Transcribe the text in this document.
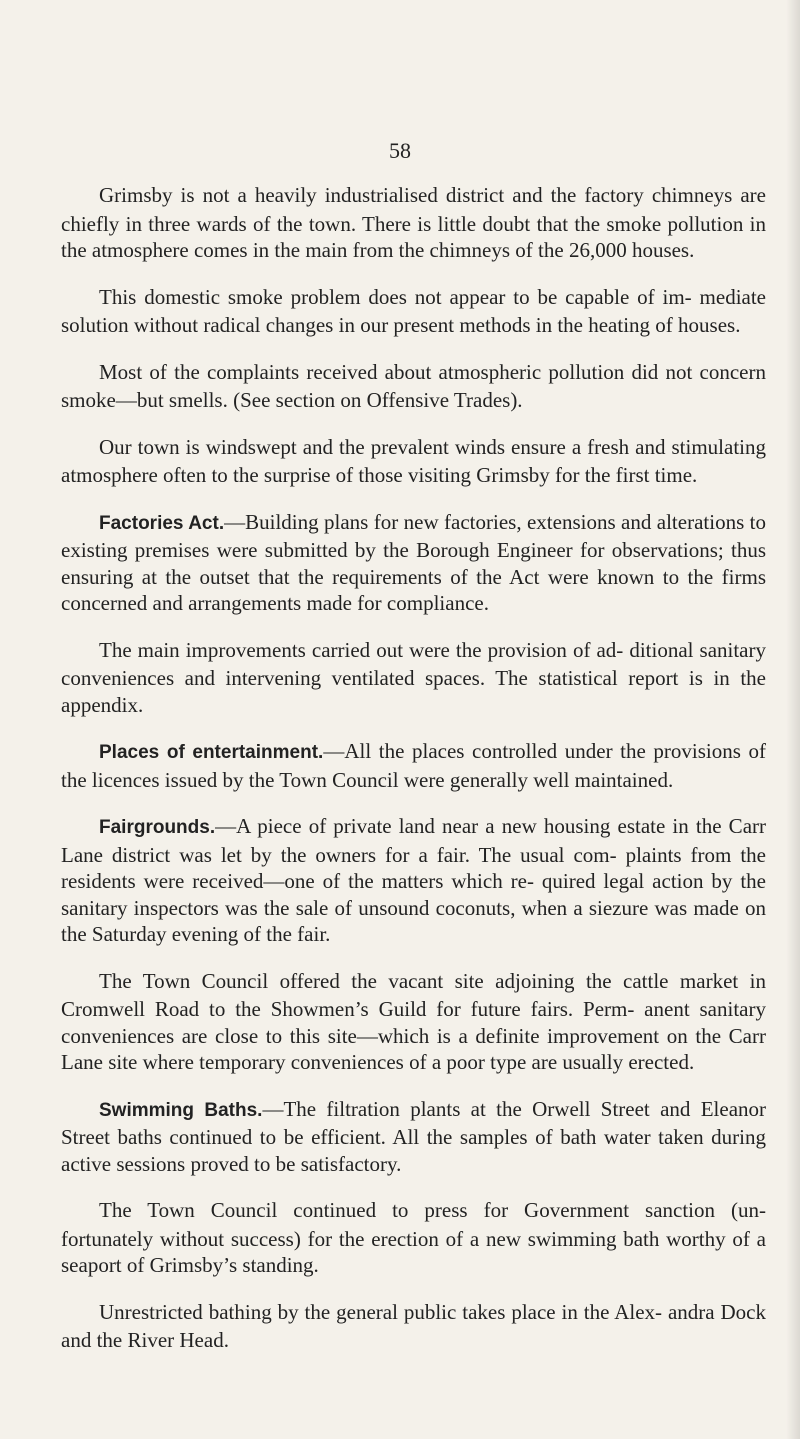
58

Grimsby is not a heavily industrialised district and the factory chimneys are chiefly in three wards of the town. There is little doubt that the smoke pollution in the atmosphere comes in the main from the chimneys of the 26,000 houses.

This domestic smoke problem does not appear to be capable of im- mediate solution without radical changes in our present methods in the heating of houses.

Most of the complaints received about atmospheric pollution did not concern smoke—but smells. (See section on Offensive Trades).

Our town is windswept and the prevalent winds ensure a fresh and stimulating atmosphere often to the surprise of those visiting Grimsby for the first time.

Factories Act.—Building plans for new factories, extensions and alterations to existing premises were submitted by the Borough Engineer for observations; thus ensuring at the outset that the requirements of the Act were known to the firms concerned and arrangements made for compliance.

The main improvements carried out were the provision of ad- ditional sanitary conveniences and intervening ventilated spaces. The statistical report is in the appendix.

Places of entertainment.—All the places controlled under the provisions of the licences issued by the Town Council were generally well maintained.

Fairgrounds.—A piece of private land near a new housing estate in the Carr Lane district was let by the owners for a fair. The usual com- plaints from the residents were received—one of the matters which re- quired legal action by the sanitary inspectors was the sale of unsound coconuts, when a siezure was made on the Saturday evening of the fair.

The Town Council offered the vacant site adjoining the cattle market in Cromwell Road to the Showmen’s Guild for future fairs. Perm- anent sanitary conveniences are close to this site—which is a definite improvement on the Carr Lane site where temporary conveniences of a poor type are usually erected.

Swimming Baths.—The filtration plants at the Orwell Street and Eleanor Street baths continued to be efficient. All the samples of bath water taken during active sessions proved to be satisfactory.

The Town Council continued to press for Government sanction (un- fortunately without success) for the erection of a new swimming bath worthy of a seaport of Grimsby’s standing.

Unrestricted bathing by the general public takes place in the Alex- andra Dock and the River Head.
